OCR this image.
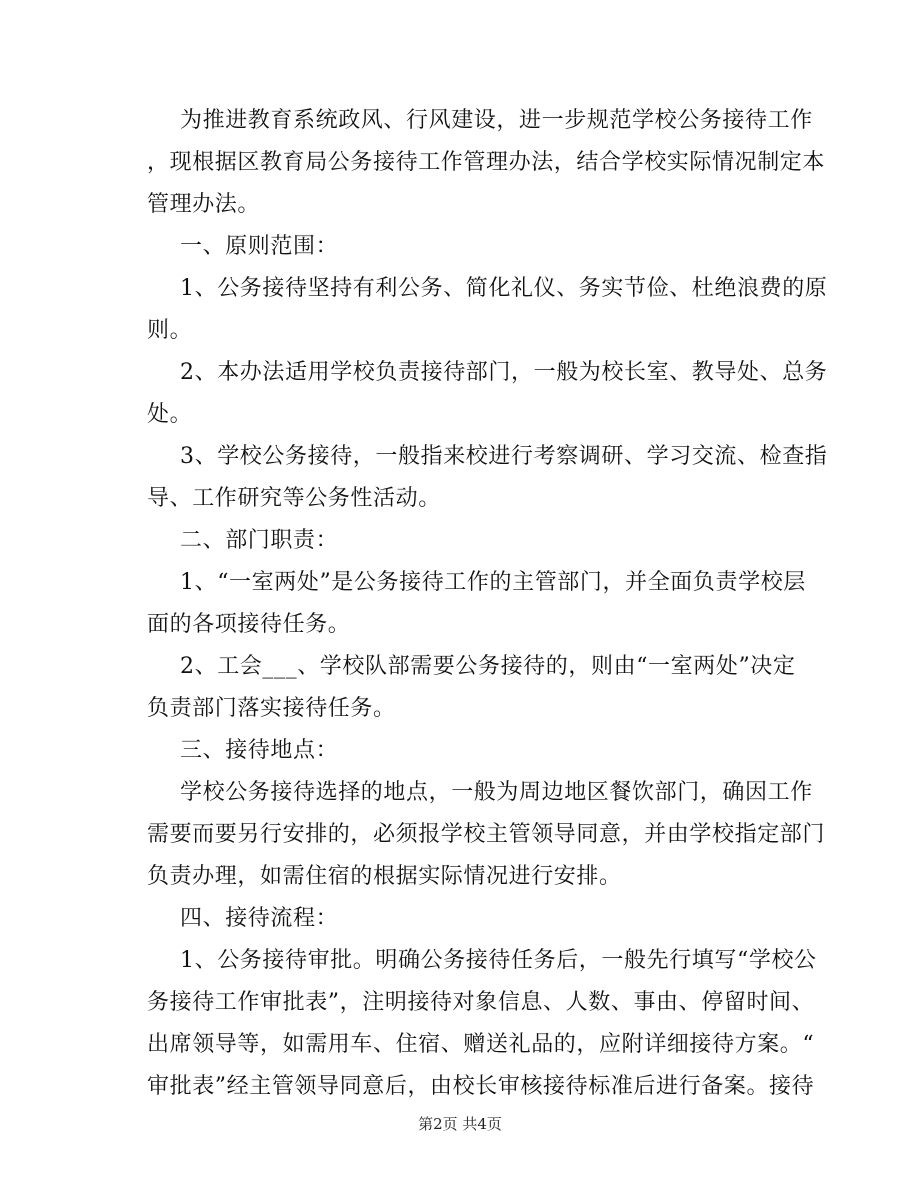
为推进教育系统政风、行风建设，进一步规范学校公务接待工作
，现根据区教育局公务接待工作管理办法，结合学校实际情况制定本
管理办法。
一、原则范围：
1、公务接待坚持有利公务、简化礼仪、务实节俭、杜绝浪费的原
则。
2、本办法适用学校负责接待部门，一般为校长室、教导处、总务
处。
3、学校公务接待，一般指来校进行考察调研、学习交流、检查指
导、工作研究等公务性活动。
二、部门职责：
1、“一室两处”是公务接待工作的主管部门，并全面负责学校层
面的各项接待任务。
2、工会___、学校队部需要公务接待的，则由“一室两处”决定
负责部门落实接待任务。
三、接待地点：
学校公务接待选择的地点，一般为周边地区餐饮部门，确因工作
需要而要另行安排的，必须报学校主管领导同意，并由学校指定部门
负责办理，如需住宿的根据实际情况进行安排。
四、接待流程：
1、公务接待审批。明确公务接待任务后，一般先行填写“学校公
务接待工作审批表”，注明接待对象信息、人数、事由、停留时间、
出席领导等，如需用车、住宿、赠送礼品的，应附详细接待方案。“
审批表”经主管领导同意后，由校长审核接待标准后进行备案。接待
第2页 共4页
